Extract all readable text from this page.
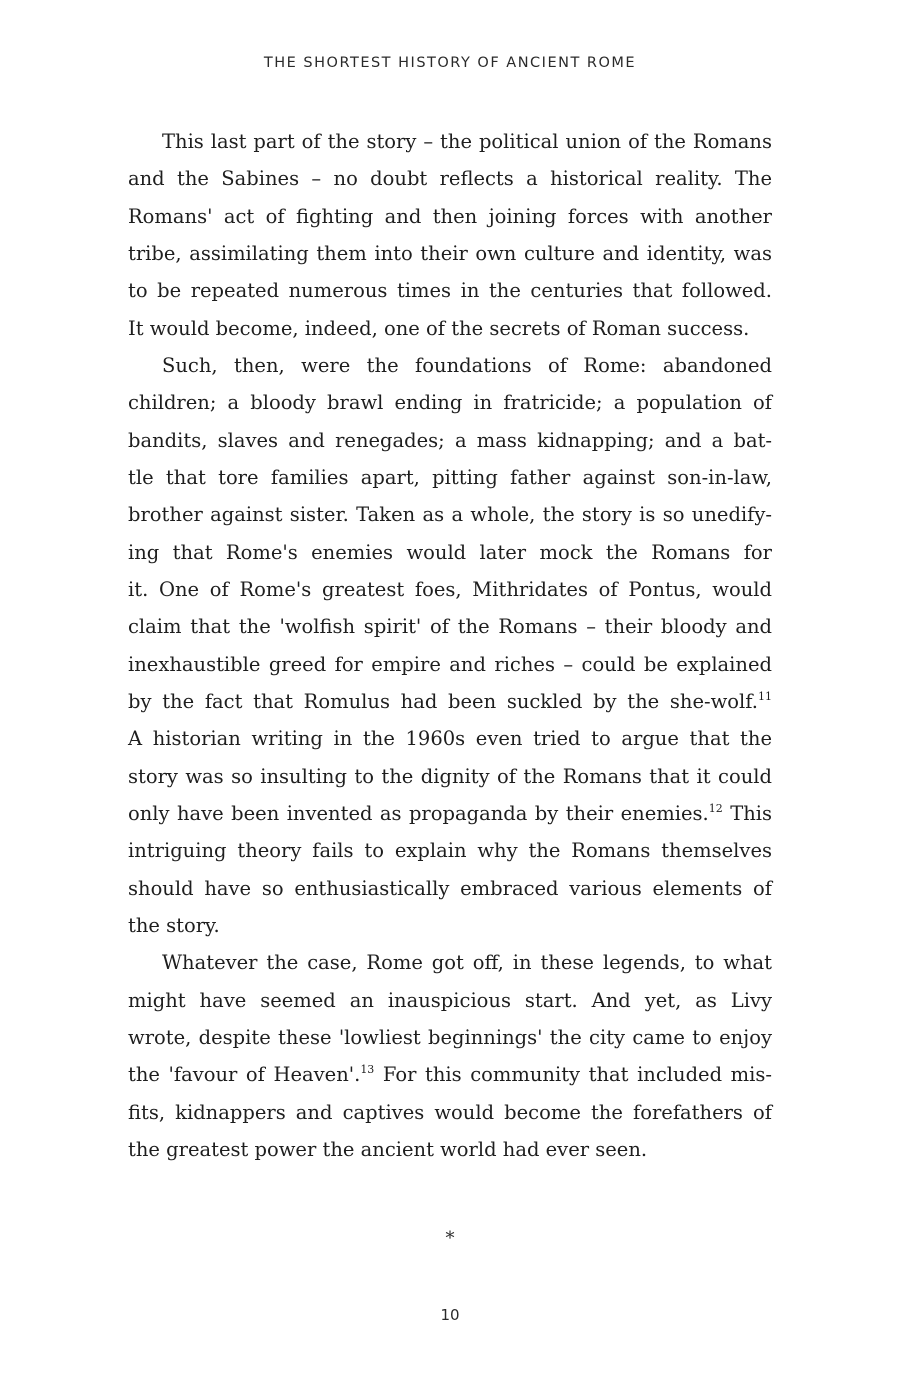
THE SHORTEST HISTORY OF ANCIENT ROME
This last part of the story – the political union of the Romans
and the Sabines – no doubt reflects a historical reality. The
Romans' act of fighting and then joining forces with another
tribe, assimilating them into their own culture and identity, was
to be repeated numerous times in the centuries that followed.
It would become, indeed, one of the secrets of Roman success.
Such, then, were the foundations of Rome: abandoned
children; a bloody brawl ending in fratricide; a population of
bandits, slaves and renegades; a mass kidnapping; and a bat-
tle that tore families apart, pitting father against son-in-law,
brother against sister. Taken as a whole, the story is so unedify-
ing that Rome's enemies would later mock the Romans for
it. One of Rome's greatest foes, Mithridates of Pontus, would
claim that the 'wolfish spirit' of the Romans – their bloody and
inexhaustible greed for empire and riches – could be explained
by the fact that Romulus had been suckled by the she-wolf.$^{11}$
A historian writing in the 1960s even tried to argue that the
story was so insulting to the dignity of the Romans that it could
only have been invented as propaganda by their enemies.$^{12}$ This
intriguing theory fails to explain why the Romans themselves
should have so enthusiastically embraced various elements of
the story.
Whatever the case, Rome got off, in these legends, to what
might have seemed an inauspicious start. And yet, as Livy
wrote, despite these 'lowliest beginnings' the city came to enjoy
the 'favour of Heaven'.$^{13}$ For this community that included mis-
fits, kidnappers and captives would become the forefathers of
the greatest power the ancient world had ever seen.
*
10
